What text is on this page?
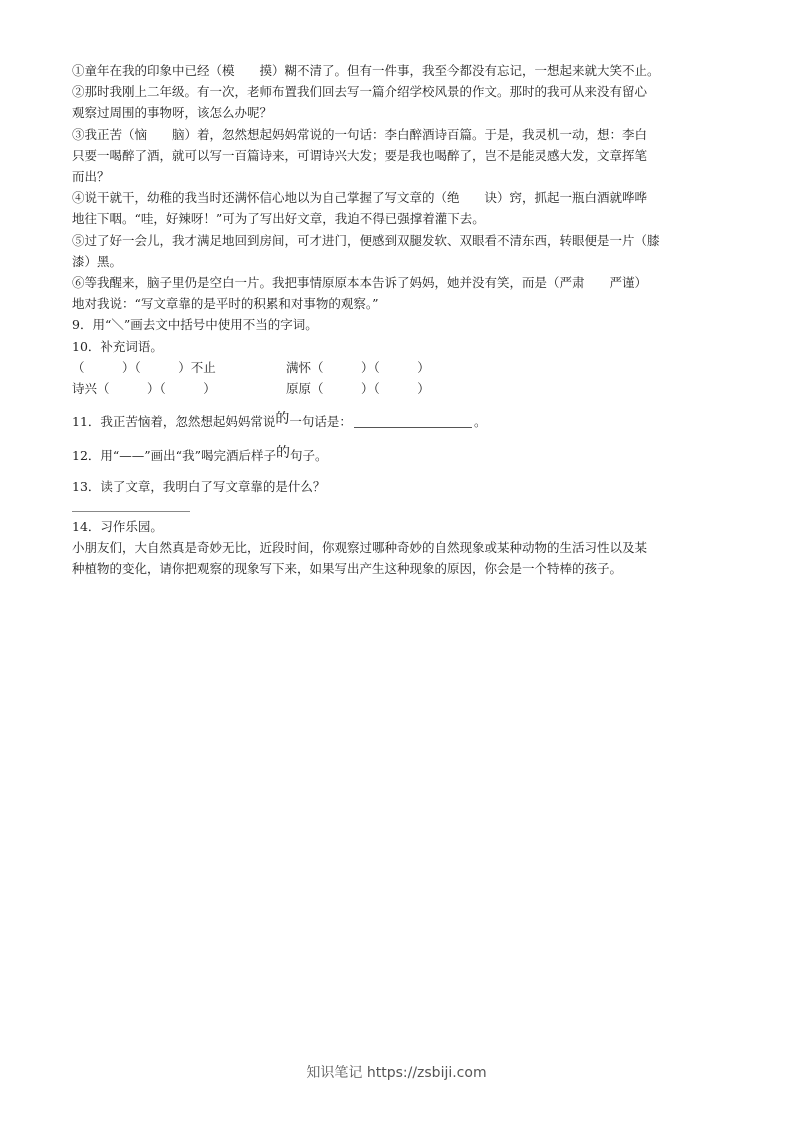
①童年在我的印象中已经（模　　摸）糊不清了。但有一件事，我至今都没有忘记，一想起来就大笑不止。

②那时我刚上二年级。有一次，老师布置我们回去写一篇介绍学校风景的作文。那时的我可从来没有留心

观察过周围的事物呀，该怎么办呢？

③我正苦（恼　　脑）着，忽然想起妈妈常说的一句话：李白醉酒诗百篇。于是，我灵机一动，想：李白

只要一喝醉了酒，就可以写一百篇诗来，可谓诗兴大发；要是我也喝醉了，岂不是能灵感大发，文章挥笔

而出？

④说干就干，幼稚的我当时还满怀信心地以为自己掌握了写文章的（绝　　诀）窍，抓起一瓶白酒就哗哗

地往下咽。“哇，好辣呀！”可为了写出好文章，我迫不得已强撑着灌下去。

⑤过了好一会儿，我才满足地回到房间，可才进门，便感到双腿发软、双眼看不清东西，转眼便是一片（膝

漆）黑。

⑥等我醒来，脑子里仍是空白一片。我把事情原原本本告诉了妈妈，她并没有笑，而是（严肃　　严谨）

地对我说：“写文章靠的是平时的积累和对事物的观察。”

9．用“＼”画去文中括号中使用不当的字词。

10．补充词语。

（　　　）（　　　）不止	满怀（　　　）（　　　）
诗兴（　　　）（　　　）	原原（　　　）（　　　）

11．我正苦恼着，忽然想起妈妈常说的一句话是：	。

12．用“——”画出“我”喝完酒后样子的句子。

13．读了文章，我明白了写文章靠的是什么？

14．习作乐园。

小朋友们，大自然真是奇妙无比，近段时间，你观察过哪种奇妙的自然现象或某种动物的生活习性以及某

种植物的变化，请你把观察的现象写下来，如果写出产生这种现象的原因，你会是一个特棒的孩子。

知识笔记 https://zsbiji.com
